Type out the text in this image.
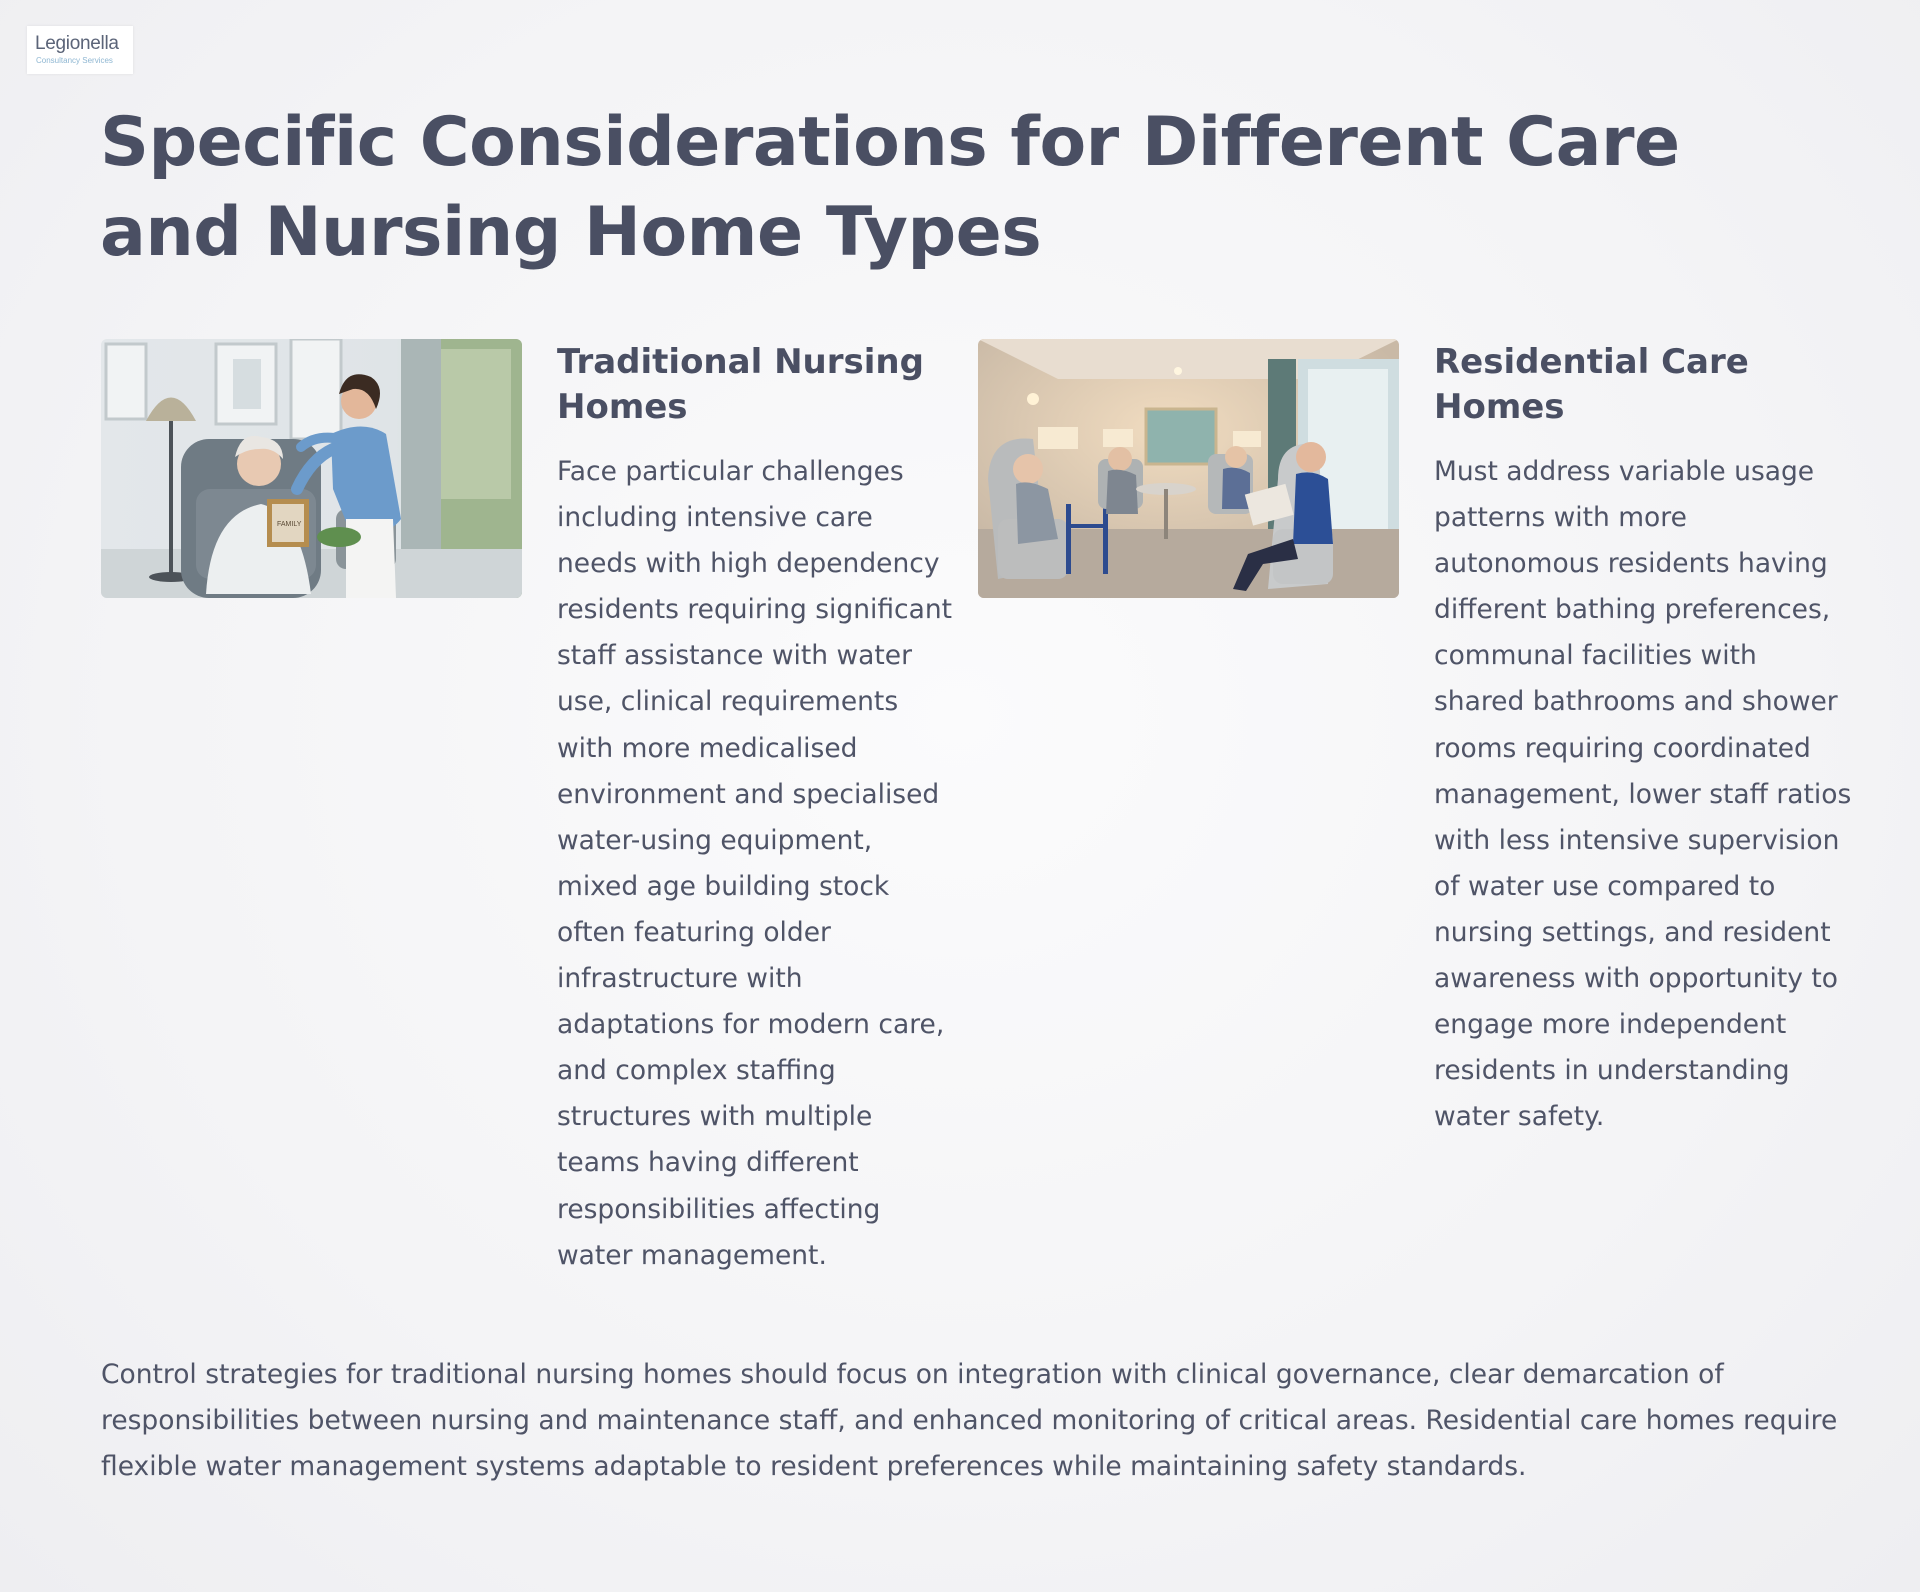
Legionella
Consultancy Services
Specific Considerations for Different Care and Nursing Home Types
FAMILY
Traditional Nursing Homes

Face particular challenges including intensive care needs with high dependency residents requiring significant staff assistance with water use, clinical requirements with more medicalised environment and specialised water-using equipment, mixed age building stock often featuring older infrastructure with adaptations for modern care, and complex staffing structures with multiple teams having different responsibilities affecting water management.

Residential Care Homes

Must address variable usage patterns with more autonomous residents having different bathing preferences, communal facilities with shared bathrooms and shower rooms requiring coordinated management, lower staff ratios with less intensive supervision of water use compared to nursing settings, and resident awareness with opportunity to engage more independent residents in understanding water safety.

Control strategies for traditional nursing homes should focus on integration with clinical governance, clear demarcation of responsibilities between nursing and maintenance staff, and enhanced monitoring of critical areas. Residential care homes require flexible water management systems adaptable to resident preferences while maintaining safety standards.
